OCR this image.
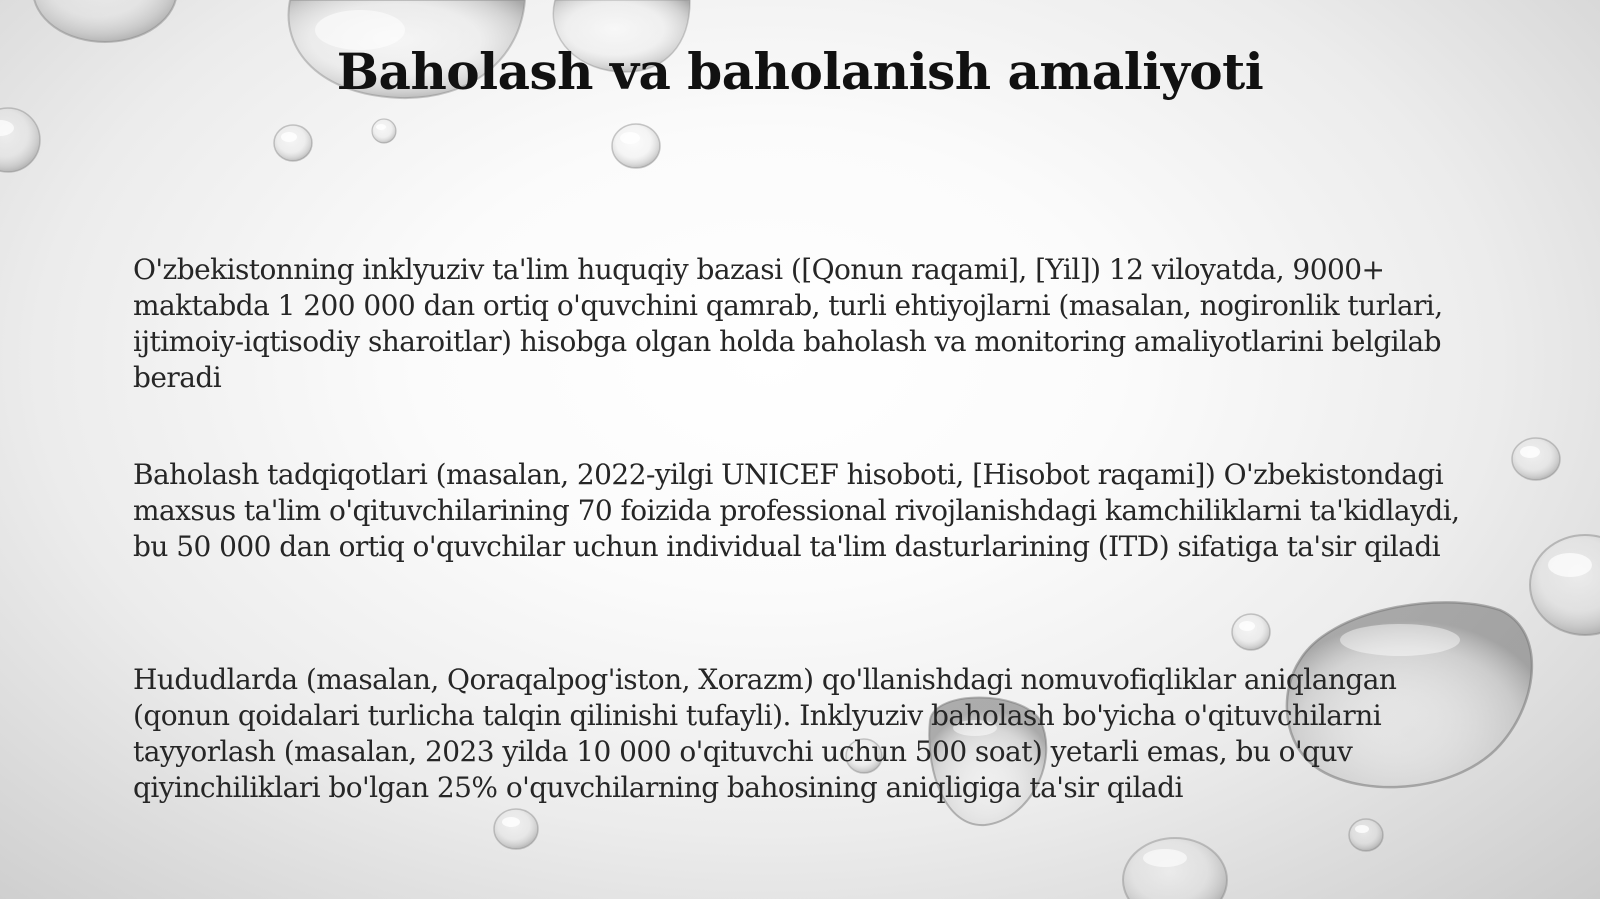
Baholash va baholanish amaliyoti

O'zbekistonning inklyuziv ta'lim huquqiy bazasi ([Qonun raqami], [Yil]) 12 viloyatda, 9000+ maktabda 1 200 000 dan ortiq o'quvchini qamrab, turli ehtiyojlarni (masalan, nogironlik turlari, ijtimoiy-iqtisodiy sharoitlar) hisobga olgan holda baholash va monitoring amaliyotlarini belgilab beradi

Baholash tadqiqotlari (masalan, 2022-yilgi UNICEF hisoboti, [Hisobot raqami]) O'zbekistondagi maxsus ta'lim o'qituvchilarining 70 foizida professional rivojlanishdagi kamchiliklarni ta'kidlaydi, bu 50 000 dan ortiq o'quvchilar uchun individual ta'lim dasturlarining (ITD) sifatiga ta'sir qiladi

Hududlarda (masalan, Qoraqalpog'iston, Xorazm) qo'llanishdagi nomuvofiqliklar aniqlangan (qonun qoidalari turlicha talqin qilinishi tufayli). Inklyuziv baholash bo'yicha o'qituvchilarni tayyorlash (masalan, 2023 yilda 10 000 o'qituvchi uchun 500 soat) yetarli emas, bu o'quv qiyinchiliklari bo'lgan 25% o'quvchilarning bahosining aniqligiga ta'sir qiladi
